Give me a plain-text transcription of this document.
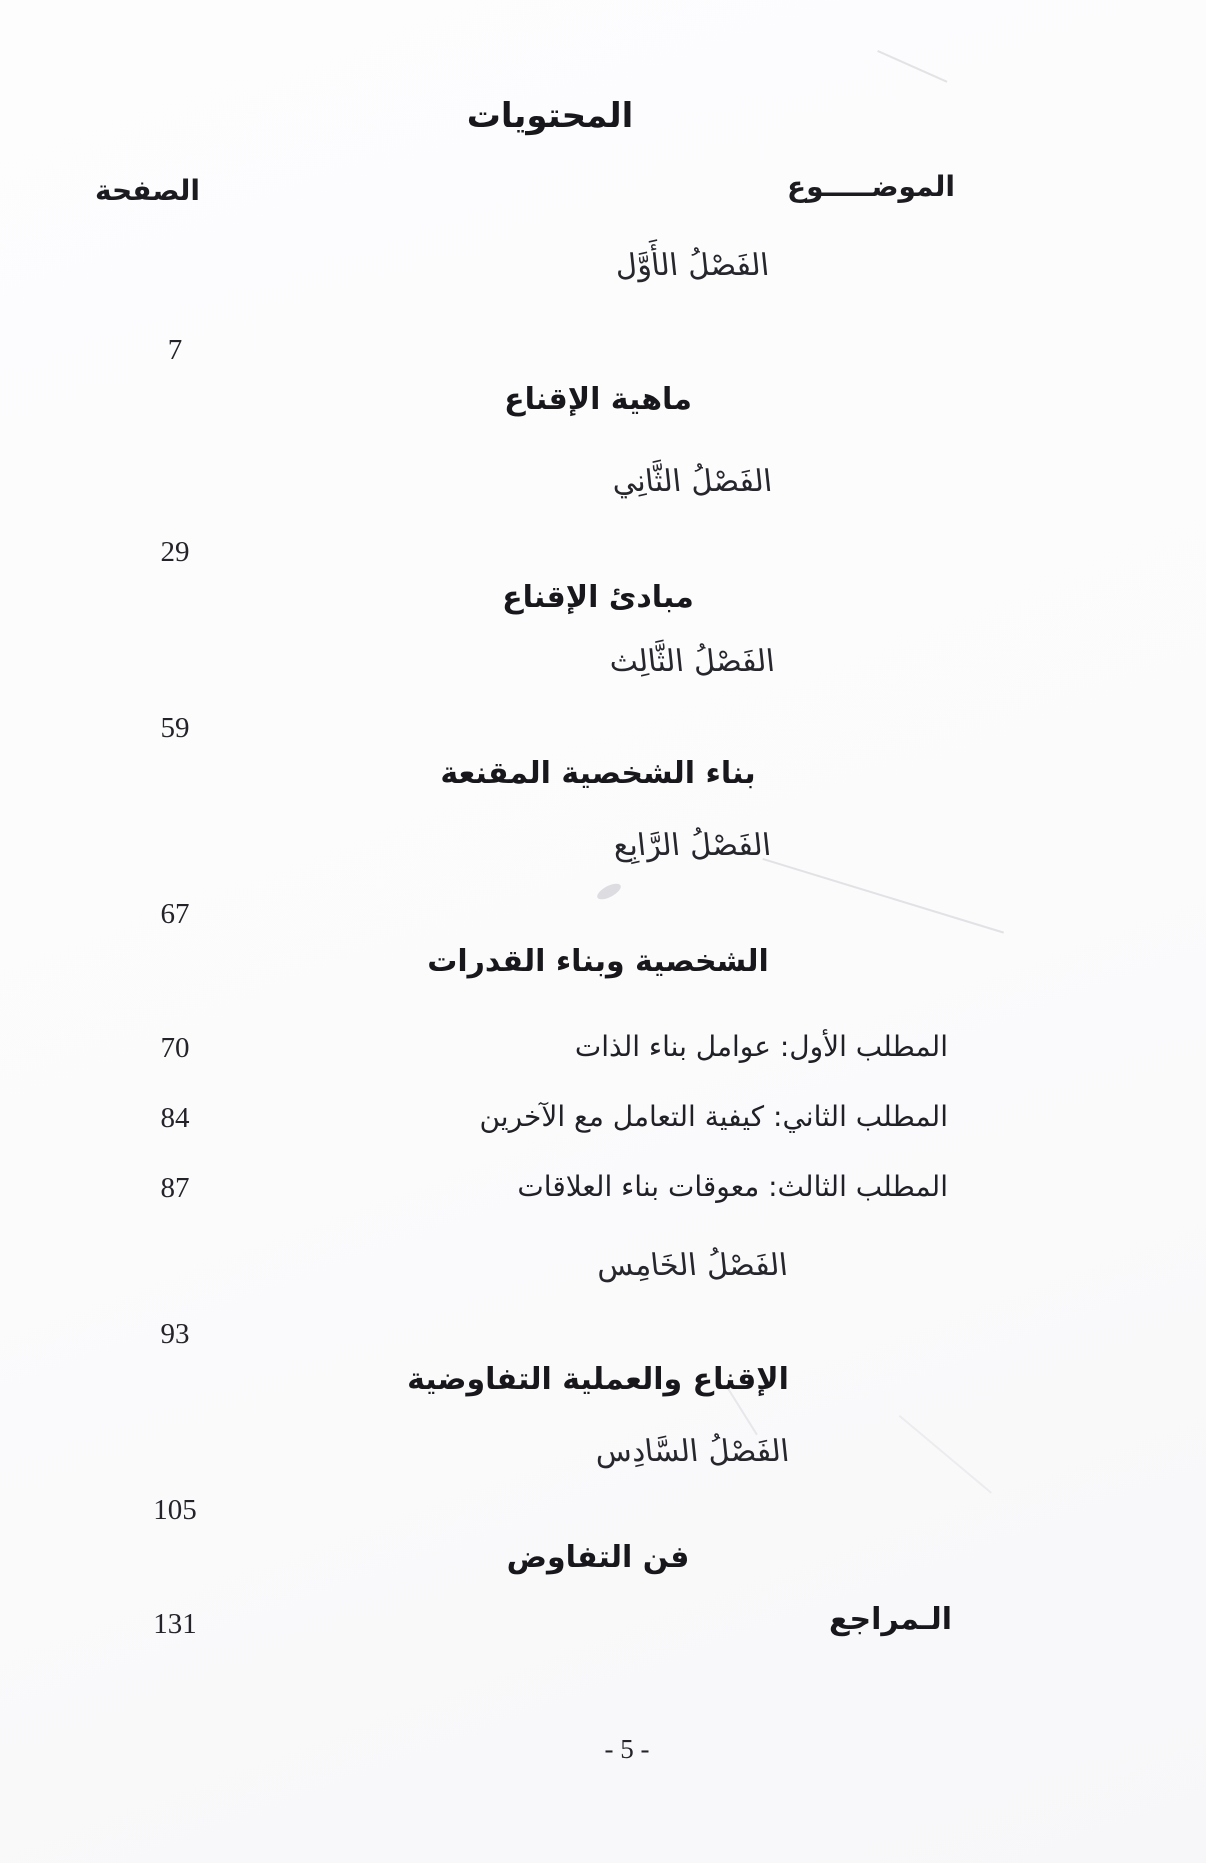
المحتويات
الموضـــــوع
الصفحة
الفَصْلُ الأَوَّل
7
ماهية الإقناع
الفَصْلُ الثَّانِي
29
مبادئ الإقناع
الفَصْلُ الثَّالِث
59
بناء الشخصية المقنعة
الفَصْلُ الرَّابِع
67
الشخصية وبناء القدرات
المطلب الأول: عوامل بناء الذات
70
المطلب الثاني: كيفية التعامل مع الآخرين
84
المطلب الثالث: معوقات بناء العلاقات
87
الفَصْلُ الخَامِس
93
الإقناع والعملية التفاوضية
الفَصْلُ السَّادِس
105
فن التفاوض
الـمراجع
131
- 5 -
